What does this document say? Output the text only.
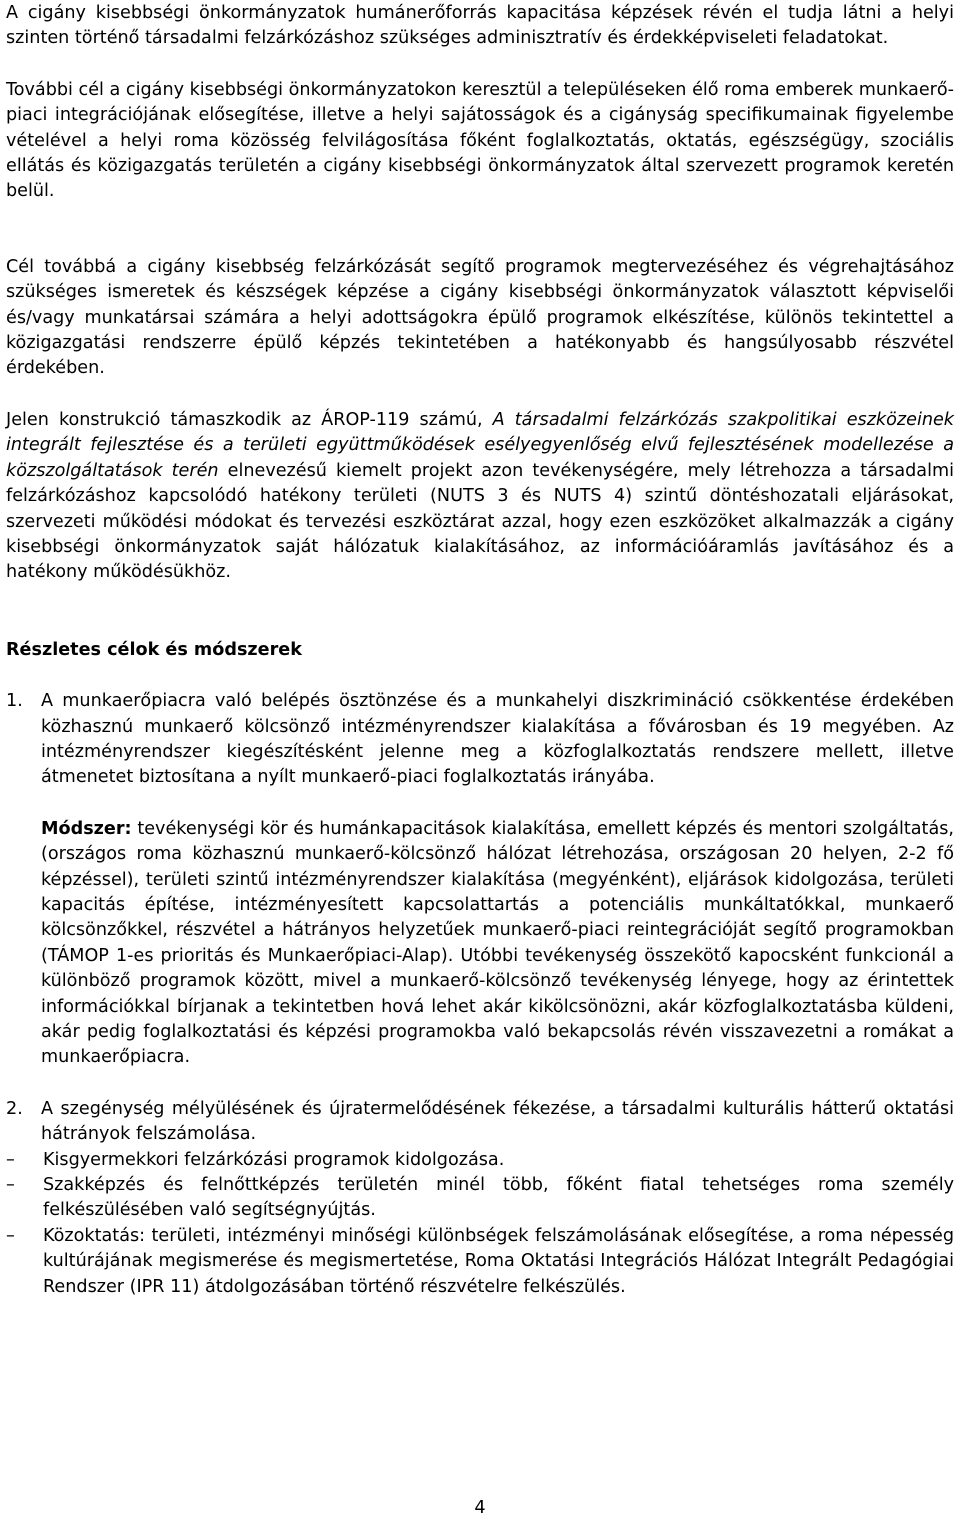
A cigány kisebbségi önkormányzatok humánerőforrás kapacitása képzések révén el tudja látni a helyi szinten történő társadalmi felzárkózáshoz szükséges adminisztratív és érdekképviseleti feladatokat.

További cél a cigány kisebbségi önkormányzatokon keresztül a településeken élő roma emberek munkaerő-piaci integrációjának elősegítése, illetve a helyi sajátosságok és a cigányság specifikumainak figyelembe vételével a helyi roma közösség felvilágosítása főként foglalkoztatás, oktatás, egészségügy, szociális ellátás és közigazgatás területén a cigány kisebbségi önkormányzatok által szervezett programok keretén belül.

Cél továbbá a cigány kisebbség felzárkózását segítő programok megtervezéséhez és végrehajtásához szükséges ismeretek és készségek képzése a cigány kisebbségi önkormányzatok választott képviselői és/vagy munkatársai számára a helyi adottságokra épülő programok elkészítése, különös tekintettel a közigazgatási rendszerre épülő képzés tekintetében a hatékonyabb és hangsúlyosabb részvétel érdekében.

Jelen konstrukció támaszkodik az ÁROP-119 számú, A társadalmi felzárkózás szakpolitikai eszközeinek integrált fejlesztése és a területi együttműködések esélyegyenlőség elvű fejlesztésének modellezése a közszolgáltatások terén elnevezésű kiemelt projekt azon tevékenységére, mely létrehozza a társadalmi felzárkózáshoz kapcsolódó hatékony területi (NUTS 3 és NUTS 4) szintű döntéshozatali eljárásokat, szervezeti működési módokat és tervezési eszköztárat azzal, hogy ezen eszközöket alkalmazzák a cigány kisebbségi önkormányzatok saját hálózatuk kialakításához, az információáramlás javításához és a hatékony működésükhöz.

Részletes célok és módszerek

1.	A munkaerőpiacra való belépés ösztönzése és a munkahelyi diszkrimináció csökkentése érdekében közhasznú munkaerő kölcsönző intézményrendszer kialakítása a fővárosban és 19 megyében. Az intézményrendszer kiegészítésként jelenne meg a közfoglalkoztatás rendszere mellett, illetve átmenetet biztosítana a nyílt munkaerő-piaci foglalkoztatás irányába.

Módszer: tevékenységi kör és humánkapacitások kialakítása, emellett képzés és mentori szolgáltatás, (országos roma közhasznú munkaerő-kölcsönző hálózat létrehozása, országosan 20 helyen, 2-2 fő képzéssel), területi szintű intézményrendszer kialakítása (megyénként), eljárások kidolgozása, területi kapacitás építése, intézményesített kapcsolattartás a potenciális munkáltatókkal, munkaerő kölcsönzőkkel, részvétel a hátrányos helyzetűek munkaerő-piaci reintegrációját segítő programokban (TÁMOP 1-es prioritás és Munkaerőpiaci-Alap). Utóbbi tevékenység összekötő kapocsként funkcionál a különböző programok között, mivel a munkaerő-kölcsönző tevékenység lényege, hogy az érintettek információkkal bírjanak a tekintetben hová lehet akár kikölcsönözni, akár közfoglalkoztatásba küldeni, akár pedig foglalkoztatási és képzési programokba való bekapcsolás révén visszavezetni a romákat a munkaerőpiacra.

2.	A szegénység mélyülésének és újratermelődésének fékezése, a társadalmi kulturális hátterű oktatási hátrányok felszámolása.

–	Kisgyermekkori felzárkózási programok kidolgozása.
–	Szakképzés és felnőttképzés területén minél több, főként fiatal tehetséges roma személy felkészülésében való segítségnyújtás.
–	Közoktatás: területi, intézményi minőségi különbségek felszámolásának elősegítése, a roma népesség kultúrájának megismerése és megismertetése, Roma Oktatási Integrációs Hálózat Integrált Pedagógiai Rendszer (IPR 11) átdolgozásában történő részvételre felkészülés.
4
